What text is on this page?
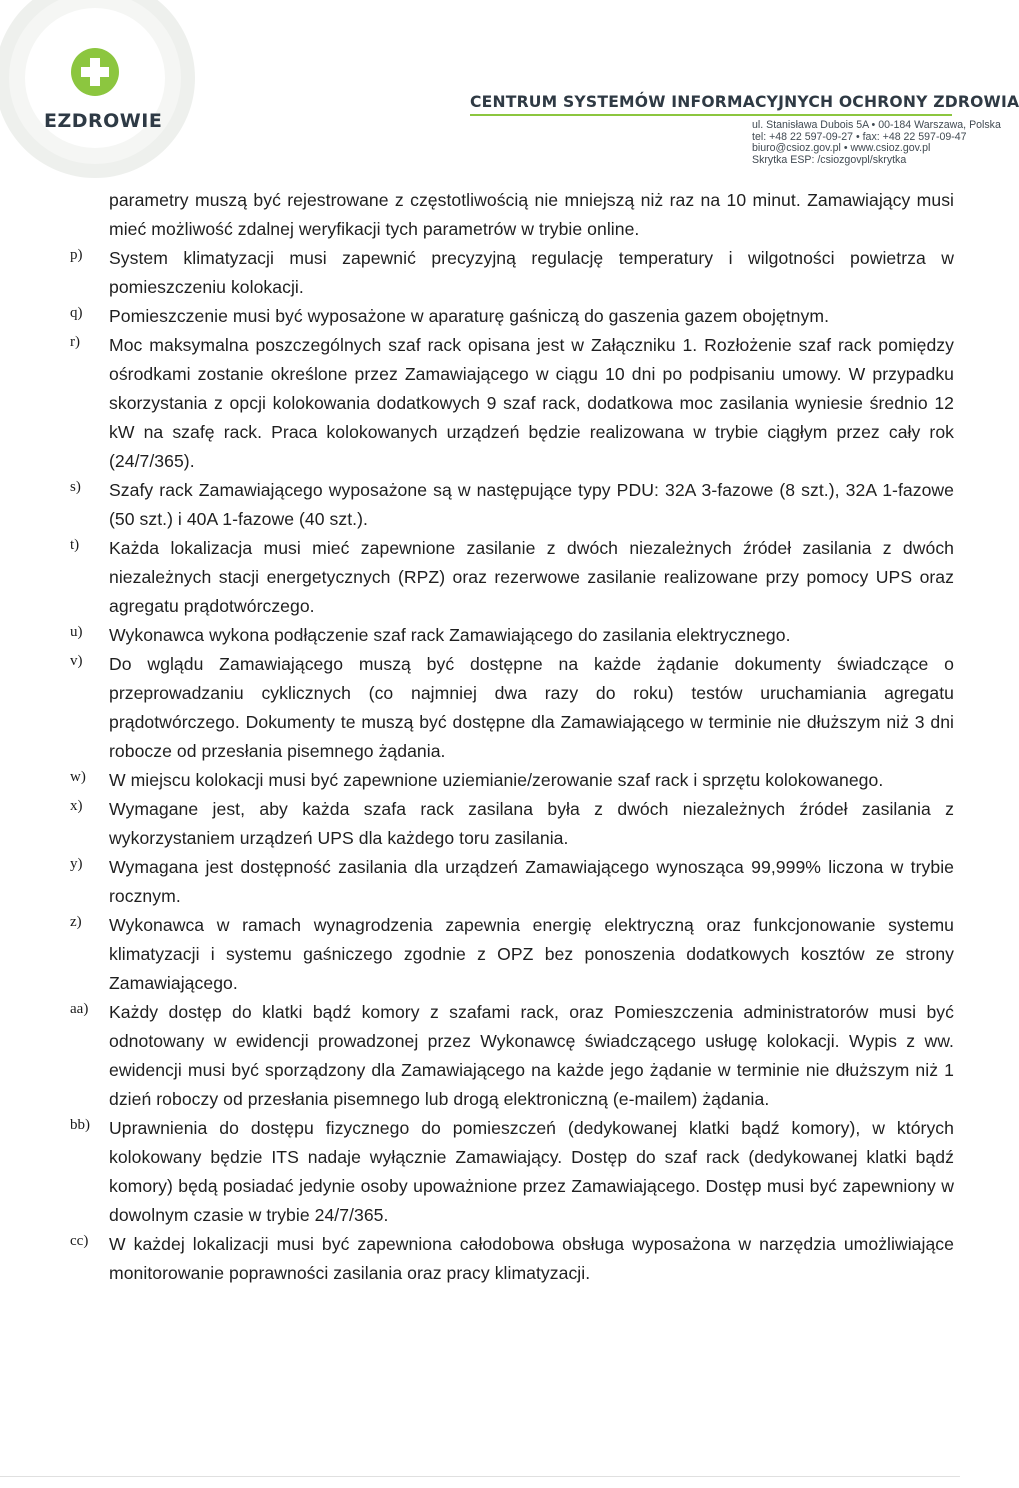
EZDROWIE
CENTRUM SYSTEMÓW INFORMACYJNYCH OCHRONY ZDROWIA
ul. Stanisława Dubois 5A • 00-184 Warszawa, Polska
tel: +48 22 597-09-27 • fax: +48 22 597-09-47
biuro@csioz.gov.pl • www.csioz.gov.pl
Skrytka ESP: /csiozgovpl/skrytka
parametry muszą być rejestrowane z częstotliwością nie mniejszą niż raz na 10 minut. Zamawiający musi mieć możliwość zdalnej weryfikacji tych parametrów w trybie online.
p) System klimatyzacji musi zapewnić precyzyjną regulację temperatury i wilgotności powietrza w pomieszczeniu kolokacji.
q) Pomieszczenie musi być wyposażone w aparaturę gaśniczą do gaszenia gazem obojętnym.
r) Moc maksymalna poszczególnych szaf rack opisana jest w Załączniku 1. Rozłożenie szaf rack pomiędzy ośrodkami zostanie określone przez Zamawiającego w ciągu 10 dni po podpisaniu umowy. W przypadku skorzystania z opcji kolokowania dodatkowych 9 szaf rack, dodatkowa moc zasilania wyniesie średnio 12 kW na szafę rack. Praca kolokowanych urządzeń będzie realizowana w trybie ciągłym przez cały rok (24/7/365).
s) Szafy rack Zamawiającego wyposażone są w następujące typy PDU: 32A 3-fazowe (8 szt.), 32A 1-fazowe (50 szt.) i 40A 1-fazowe (40 szt.).
t) Każda lokalizacja musi mieć zapewnione zasilanie z dwóch niezależnych źródeł zasilania z dwóch niezależnych stacji energetycznych (RPZ) oraz rezerwowe zasilanie realizowane przy pomocy UPS oraz agregatu prądotwórczego.
u) Wykonawca wykona podłączenie szaf rack Zamawiającego do zasilania elektrycznego.
v) Do wglądu Zamawiającego muszą być dostępne na każde żądanie dokumenty świadczące o przeprowadzaniu cyklicznych (co najmniej dwa razy do roku) testów uruchamiania agregatu prądotwórczego. Dokumenty te muszą być dostępne dla Zamawiającego w terminie nie dłuższym niż 3 dni robocze od przesłania pisemnego żądania.
w) W miejscu kolokacji musi być zapewnione uziemianie/zerowanie szaf rack i sprzętu kolokowanego.
x) Wymagane jest, aby każda szafa rack zasilana była z dwóch niezależnych źródeł zasilania z wykorzystaniem urządzeń UPS dla każdego toru zasilania.
y) Wymagana jest dostępność zasilania dla urządzeń Zamawiającego wynosząca 99,999% liczona w trybie rocznym.
z) Wykonawca w ramach wynagrodzenia zapewnia energię elektryczną oraz funkcjonowanie systemu klimatyzacji i systemu gaśniczego zgodnie z OPZ bez ponoszenia dodatkowych kosztów ze strony Zamawiającego.
aa) Każdy dostęp do klatki bądź komory z szafami rack, oraz Pomieszczenia administratorów musi być odnotowany w ewidencji prowadzonej przez Wykonawcę świadczącego usługę kolokacji. Wypis z ww. ewidencji musi być sporządzony dla Zamawiającego na każde jego żądanie w terminie nie dłuższym niż 1 dzień roboczy od przesłania pisemnego lub drogą elektroniczną (e-mailem) żądania.
bb) Uprawnienia do dostępu fizycznego do pomieszczeń (dedykowanej klatki bądź komory), w których kolokowany będzie ITS nadaje wyłącznie Zamawiający. Dostęp do szaf rack (dedykowanej klatki bądź komory) będą posiadać jedynie osoby upoważnione przez Zamawiającego. Dostęp musi być zapewniony w dowolnym czasie w trybie 24/7/365.
cc) W każdej lokalizacji musi być zapewniona całodobowa obsługa wyposażona w narzędzia umożliwiające monitorowanie poprawności zasilania oraz pracy klimatyzacji.
